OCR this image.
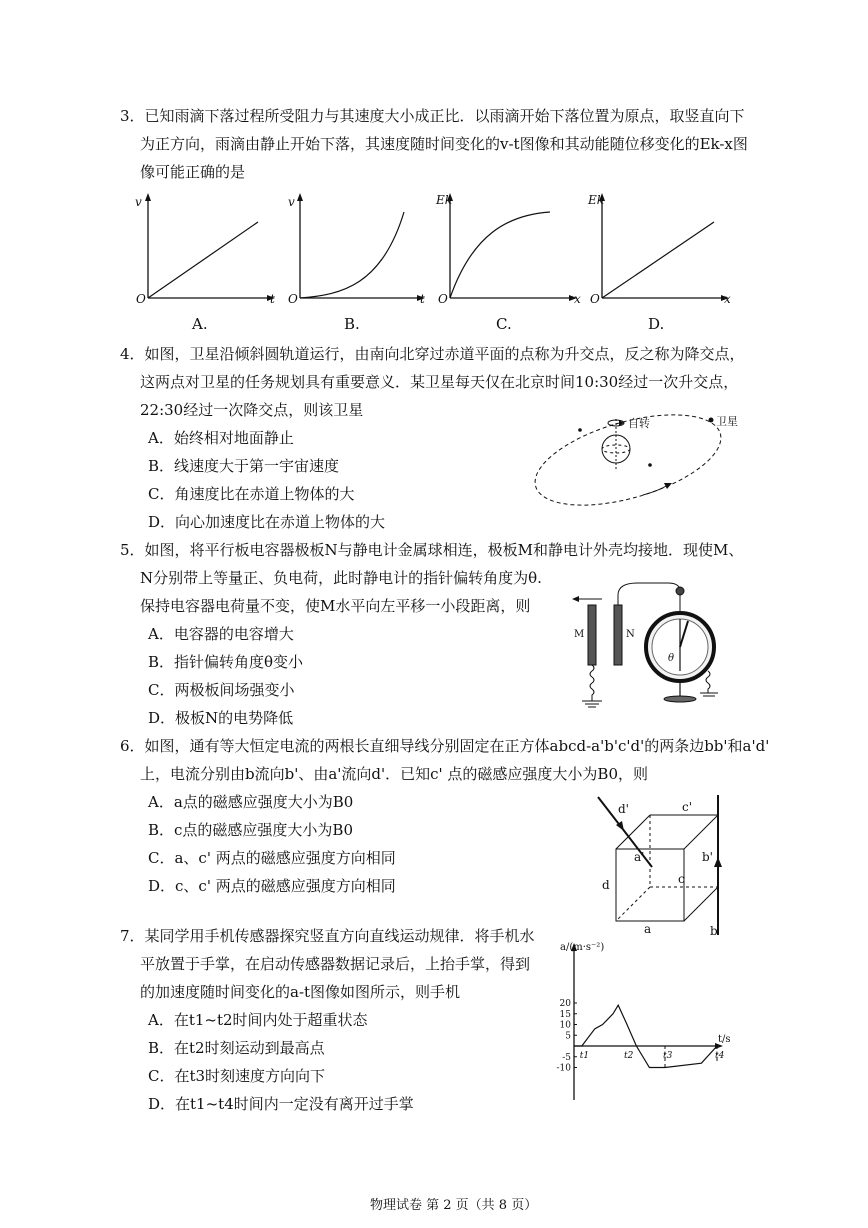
3．已知雨滴下落过程所受阻力与其速度大小成正比．以雨滴开始下落位置为原点，取竖直向下
为正方向，雨滴由静止开始下落，其速度随时间变化的v-t图像和其动能随位移变化的Ek-x图
像可能正确的是
v
O	t
A.
v
O	t
B.
Ek
O	x
C.
Ek
O	x
D.
4．如图，卫星沿倾斜圆轨道运行，由南向北穿过赤道平面的点称为升交点，反之称为降交点，
这两点对卫星的任务规划具有重要意义．某卫星每天仅在北京时间10:30经过一次升交点，
22:30经过一次降交点，则该卫星
A．始终相对地面静止
B．线速度大于第一宇宙速度
C．角速度比在赤道上物体的大
D．向心加速度比在赤道上物体的大
自转	卫星
5．如图，将平行板电容器极板N与静电计金属球相连，极板M和静电计外壳均接地．现使M、
N分别带上等量正、负电荷，此时静电计的指针偏转角度为θ.
保持电容器电荷量不变，使M水平向左平移一小段距离，则
A．电容器的电容增大
B．指针偏转角度θ变小
C．两极板间场强变小
D．极板N的电势降低
M	N
θ
6．如图，通有等大恒定电流的两根长直细导线分别固定在正方体abcd-a'b'c'd'的两条边bb'和a'd'
上，电流分别由b流向b'、由a'流向d'．已知c' 点的磁感应强度大小为B0，则
A．a点的磁感应强度大小为B0
B．c点的磁感应强度大小为B0
C．a、c' 两点的磁感应强度方向相同
D．c、c' 两点的磁感应强度方向相同
d'	c'
a'	b'
d	c
a	b
7．某同学用手机传感器探究竖直方向直线运动规律．将手机水
平放置于手掌，在启动传感器数据记录后，上抬手掌，得到
的加速度随时间变化的a-t图像如图所示，则手机
A．在t1~t2时间内处于超重状态
B．在t2时刻运动到最高点
C．在t3时刻速度方向向下
D．在t1~t4时间内一定没有离开过手掌
a/(m·s⁻²)
t/s
20
15
10
5
-5
-10
t1	t2	t3	t4
物理试卷 第 2 页（共 8 页）
